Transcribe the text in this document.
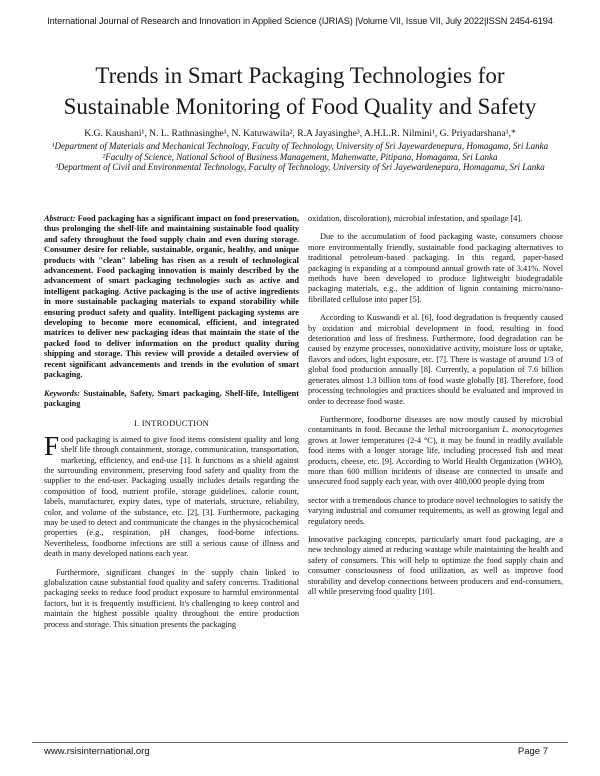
International Journal of Research and Innovation in Applied Science (IJRIAS) |Volume VII, Issue VII, July 2022|ISSN 2454-6194
Trends in Smart Packaging Technologies for
Sustainable Monitoring of Food Quality and Safety
K.G. Kaushani¹, N. L. Rathnasinghe¹, N. Katuwawila², R.A Jayasinghe³, A.H.L.R. Nilmini¹, G. Priyadarshana¹,*
¹Department of Materials and Mechanical Technology, Faculty of Technology, University of Sri Jayewardenepura, Homagama, Sri Lanka
²Faculty of Science, National School of Business Management, Mahenwatte, Pitipana, Homagama, Sri Lanka
³Department of Civil and Environmental Technology, Faculty of Technology, University of Sri Jayewardenepura, Homagama, Sri Lanka

Abstract: Food packaging has a significant impact on food preservation, thus prolonging the shelf-life and maintaining sustainable food quality and safety throughout the food supply chain and even during storage. Consumer desire for reliable, sustainable, organic, healthy, and unique products with "clean" labeling has risen as a result of technological advancement. Food packaging innovation is mainly described by the advancement of smart packaging technologies such as active and intelligent packaging. Active packaging is the use of active ingredients in more sustainable packaging materials to expand storability while ensuring product safety and quality. Intelligent packaging systems are developing to become more economical, efficient, and integrated matrices to deliver new packaging ideas that maintain the state of the packed food to deliver information on the product quality during shipping and storage. This review will provide a detailed overview of recent significant advancements and trends in the evolution of smart packaging.

Keywords: Sustainable, Safety, Smart packaging, Shelf-life, Intelligent packaging

I. INTRODUCTION

Food packaging is aimed to give food items consistent quality and long shelf life through containment, storage, communication, transportation, marketing, efficiency, and end-use [1]. It functions as a shield against the surrounding environment, preserving food safety and quality from the supplier to the end-user. Packaging usually includes details regarding the composition of food, nutrient profile, storage guidelines, calorie count, labels, manufacturer, expiry dates, type of materials, structure, reliability, color, and volume of the substance, etc. [2], [3]. Furthermore, packaging may be used to detect and communicate the changes in the physicochemical properties (e.g., respiration, pH changes, food-borne infections. Nevertheless, foodborne infections are still a serious cause of illness and death in many developed nations each year.

Furthermore, significant changes in the supply chain linked to globalization cause substantial food quality and safety concerns. Traditional packaging seeks to reduce food product exposure to harmful environmental factors, but it is frequently insufficient. It's challenging to keep control and maintain the highest possible quality throughout the entire production process and storage. This situation presents the packaging

oxidation, discoloration), microbial infestation, and spoilage [4].

Due to the accumulation of food packaging waste, consumers choose more environmentally friendly, sustainable food packaging alternatives to traditional petroleum-based packaging. In this regard, paper-based packaging is expanding at a compound annual growth rate of 3.41%. Novel methods have been developed to produce lightweight biodegradable packaging materials, e.g., the addition of lignin containing micro/nano-fibrillated cellulose into paper [5].

According to Kuswandi et al. [6], food degradation is frequently caused by oxidation and microbial development in food, resulting in food deterioration and loss of freshness. Furthermore, food degradation can be caused by enzyme processes, nonoxidative activity, moisture loss or uptake, flavors and odors, light exposure, etc. [7]. There is wastage of around 1/3 of global food production annually [8]. Currently, a population of 7.6 billion generates almost 1.3 billion tons of food waste globally [8]. Therefore, food processing technologies and practices should be evaluated and improved in order to decrease food waste.

Furthermore, foodborne diseases are now mostly caused by microbial contaminants in food. Because the lethal microorganism L. monocytogenes grows at lower temperatures (2-4 °C), it may be found in readily available food items with a longer storage life, including processed fish and meat products, cheese, etc. [9]. According to World Health Organization (WHO), more than 600 million incidents of disease are connected to unsafe and unsecured food supply each year, with over 400,000 people dying from

sector with a tremendous chance to produce novel technologies to satisfy the varying industrial and consumer requirements, as well as growing legal and regulatory needs.

Innovative packaging concepts, particularly smart food packaging, are a new technology aimed at reducing wastage while maintaining the health and safety of consumers. This will help to optimize the food supply chain and consumer consciousness of food utilization, as well as improve food storability and develop connections between producers and end-consumers, all while preserving food quality [10].

www.rsisinternational.org	Page 7
